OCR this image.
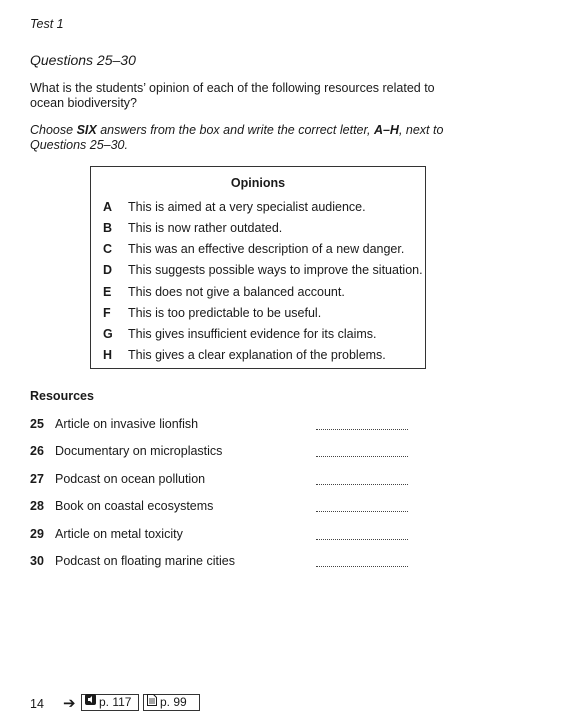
Test 1
Questions 25–30
What is the students’ opinion of each of the following resources related to ocean biodiversity?
Choose SIX answers from the box and write the correct letter, A–H, next to Questions 25–30.
Opinions
A This is aimed at a very specialist audience.
B This is now rather outdated.
C This was an effective description of a new danger.
D This suggests possible ways to improve the situation.
E This does not give a balanced account.
F This is too predictable to be useful.
G This gives insufficient evidence for its claims.
H This gives a clear explanation of the problems.
Resources
25 Article on invasive lionfish
26 Documentary on microplastics
27 Podcast on ocean pollution
28 Book on coastal ecosystems
29 Article on metal toxicity
30 Podcast on floating marine cities
14 ➔	p. 117	p. 99
